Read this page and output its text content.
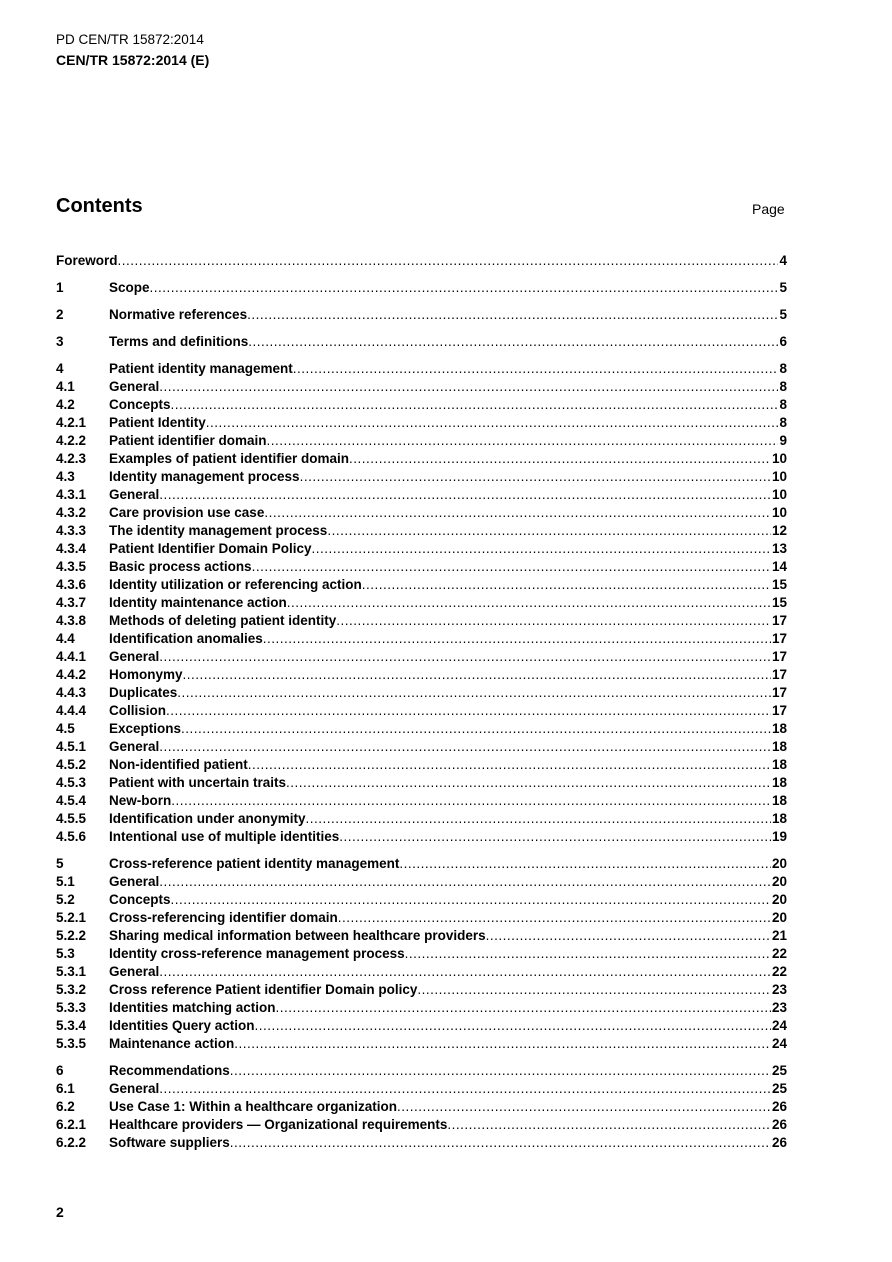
PD CEN/TR 15872:2014
CEN/TR 15872:2014 (E)
Contents	Page
Foreword .....	4
1	Scope .....	5
2	Normative references .....	5
3	Terms and definitions .....	6
4	Patient identity management .....	8
4.1	General .....	8
4.2	Concepts .....	8
4.2.1	Patient Identity .....	8
4.2.2	Patient identifier domain .....	9
4.2.3	Examples of patient identifier domain .....	10
4.3	Identity management process .....	10
4.3.1	General .....	10
4.3.2	Care provision use case .....	10
4.3.3	The identity management process .....	12
4.3.4	Patient Identifier Domain Policy .....	13
4.3.5	Basic process actions .....	14
4.3.6	Identity utilization or referencing action .....	15
4.3.7	Identity maintenance action .....	15
4.3.8	Methods of deleting patient identity .....	17
4.4	Identification anomalies .....	17
4.4.1	General .....	17
4.4.2	Homonymy .....	17
4.4.3	Duplicates .....	17
4.4.4	Collision .....	17
4.5	Exceptions .....	18
4.5.1	General .....	18
4.5.2	Non-identified patient .....	18
4.5.3	Patient with uncertain traits .....	18
4.5.4	New-born .....	18
4.5.5	Identification under anonymity .....	18
4.5.6	Intentional use of multiple identities .....	19
5	Cross-reference patient identity management .....	20
5.1	General .....	20
5.2	Concepts .....	20
5.2.1	Cross-referencing identifier domain .....	20
5.2.2	Sharing medical information between healthcare providers .....	21
5.3	Identity cross-reference management process .....	22
5.3.1	General .....	22
5.3.2	Cross reference Patient identifier Domain policy .....	23
5.3.3	Identities matching action .....	23
5.3.4	Identities Query action .....	24
5.3.5	Maintenance action .....	24
6	Recommendations .....	25
6.1	General .....	25
6.2	Use Case 1: Within a healthcare organization .....	26
6.2.1	Healthcare providers — Organizational requirements .....	26
6.2.2	Software suppliers .....	26
2
